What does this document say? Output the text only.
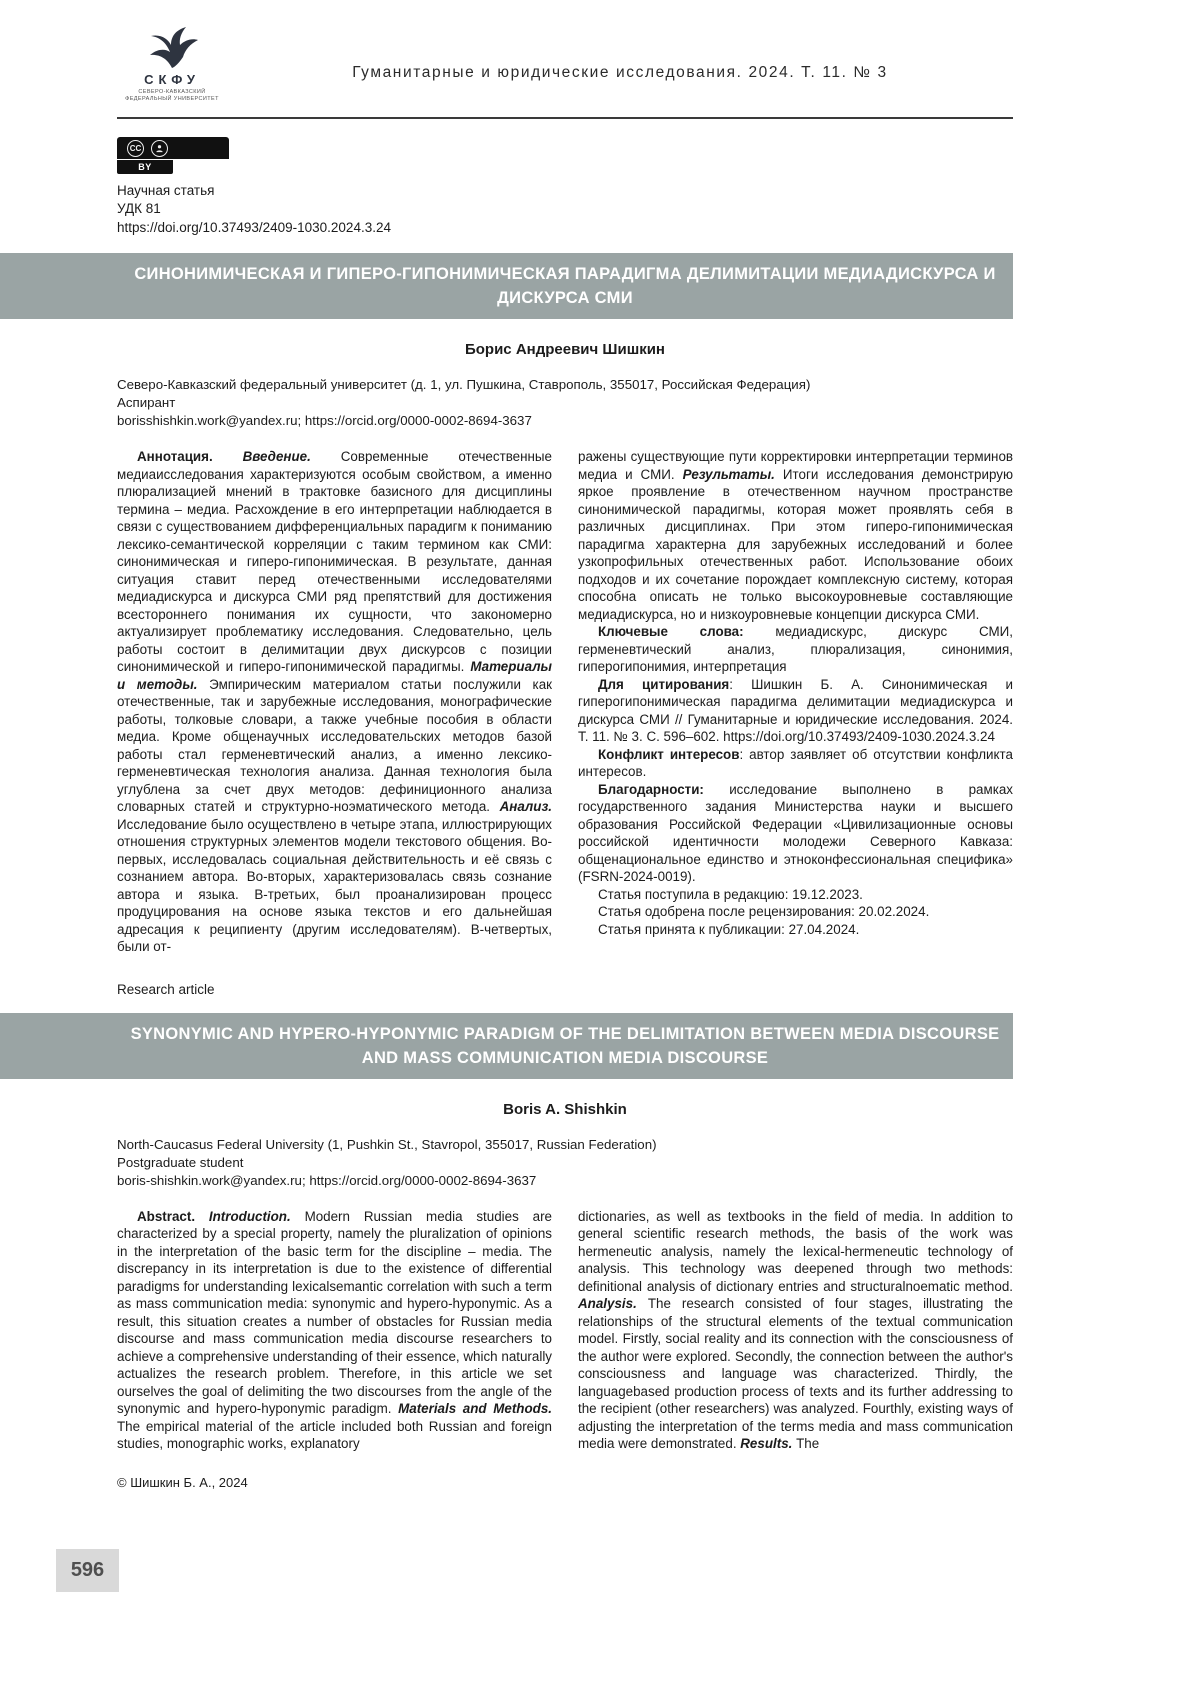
СКФУ
СЕВЕРО-КАВКАЗСКИЙ ФЕДЕРАЛЬНЫЙ УНИВЕРСИТЕТ
Гуманитарные и юридические исследования. 2024. Т. 11. № 3
CC
BY
Научная статья
УДК 81
https://doi.org/10.37493/2409-1030.2024.3.24
СИНОНИМИЧЕСКАЯ И ГИПЕРО-ГИПОНИМИЧЕСКАЯ ПАРАДИГМА ДЕЛИМИТАЦИИ МЕДИАДИСКУРСА И ДИСКУРСА СМИ
Борис Андреевич Шишкин
Северо-Кавказский федеральный университет (д. 1, ул. Пушкина, Ставрополь, 355017, Российская Федерация)
Аспирант
borisshishkin.work@yandex.ru; https://orcid.org/0000-0002-8694-3637

Аннотация. Введение. Современные отечественные медиаисследования характеризуются особым свойством, а именно плюрализацией мнений в трактовке базисного для дисциплины термина – медиа. Расхождение в его интерпретации наблюдается в связи с существованием дифференциальных парадигм к пониманию лексико-семантической корреляции с таким термином как СМИ: синонимическая и гиперо-гипонимическая. В результате, данная ситуация ставит перед отечественными исследователями медиадискурса и дискурса СМИ ряд препятствий для достижения всестороннего понимания их сущности, что закономерно актуализирует проблематику исследования. Следовательно, цель работы состоит в делимитации двух дискурсов с позиции синонимической и гиперо-гипонимической парадигмы. Материалы и методы. Эмпирическим материалом статьи послужили как отечественные, так и зарубежные исследования, монографические работы, толковые словари, а также учебные пособия в области медиа. Кроме общенаучных исследовательских методов базой работы стал герменевтический анализ, а именно лексико-герменевтическая технология анализа. Данная технология была углублена за счет двух методов: дефиниционного анализа словарных статей и структурно-ноэматического метода. Анализ. Исследование было осуществлено в четыре этапа, иллюстрирующих отношения структурных элементов модели текстового общения. Во-первых, исследовалась социальная действительность и её связь с сознанием автора. Во-вторых, характеризовалась связь сознание автора и языка. В-третьих, был проанализирован процесс продуцирования на основе языка текстов и его дальнейшая адресация к реципиенту (другим исследователям). В-четвертых, были от-

ражены существующие пути корректировки интерпретации терминов медиа и СМИ. Результаты. Итоги исследования демонстрирую яркое проявление в отечественном научном пространстве синонимической парадигмы, которая может проявлять себя в различных дисциплинах. При этом гиперо-гипонимическая парадигма характерна для зарубежных исследований и более узкопрофильных отечественных работ. Использование обоих подходов и их сочетание порождает комплексную систему, которая способна описать не только высокоуровневые составляющие медиадискурса, но и низкоуровневые концепции дискурса СМИ.

Ключевые слова: медиадискурс, дискурс СМИ, герменевтический анализ, плюрализация, синонимия, гиперогипонимия, интерпретация

Для цитирования: Шишкин Б. А. Синонимическая и гиперогипонимическая парадигма делимитации медиадискурса и дискурса СМИ // Гуманитарные и юридические исследования. 2024. Т. 11. № 3. С. 596–602. https://doi.org/10.37493/2409-1030.2024.3.24

Конфликт интересов: автор заявляет об отсутствии конфликта интересов.

Благодарности: исследование выполнено в рамках государственного задания Министерства науки и высшего образования Российской Федерации «Цивилизационные основы российской идентичности молодежи Северного Кавказа: общенациональное единство и этноконфессиональная специфика» (FSRN-2024-0019).

Статья поступила в редакцию: 19.12.2023.

Статья одобрена после рецензирования: 20.02.2024.

Статья принята к публикации: 27.04.2024.

Research article
SYNONYMIC AND HYPERO-HYPONYMIC PARADIGM OF THE DELIMITATION BETWEEN MEDIA DISCOURSE AND MASS COMMUNICATION MEDIA DISCOURSE
Boris A. Shishkin
North-Caucasus Federal University (1, Pushkin St., Stavropol, 355017, Russian Federation)
Postgraduate student
boris-shishkin.work@yandex.ru; https://orcid.org/0000-0002-8694-3637

Abstract. Introduction. Modern Russian media studies are characterized by a special property, namely the pluralization of opinions in the interpretation of the basic term for the discipline – media. The discrepancy in its interpretation is due to the existence of differential paradigms for understanding lexicalsemantic correlation with such a term as mass communication media: synonymic and hypero-hyponymic. As a result, this situation creates a number of obstacles for Russian media discourse and mass communication media discourse researchers to achieve a comprehensive understanding of their essence, which naturally actualizes the research problem. Therefore, in this article we set ourselves the goal of delimiting the two discourses from the angle of the synonymic and hypero-hyponymic paradigm. Materials and Methods. The empirical material of the article included both Russian and foreign studies, monographic works, explanatory

dictionaries, as well as textbooks in the field of media. In addition to general scientific research methods, the basis of the work was hermeneutic analysis, namely the lexical-hermeneutic technology of analysis. This technology was deepened through two methods: definitional analysis of dictionary entries and structuralnoematic method. Analysis. The research consisted of four stages, illustrating the relationships of the structural elements of the textual communication model. Firstly, social reality and its connection with the consciousness of the author were explored. Secondly, the connection between the author's consciousness and language was characterized. Thirdly, the languagebased production process of texts and its further addressing to the recipient (other researchers) was analyzed. Fourthly, existing ways of adjusting the interpretation of the terms media and mass communication media were demonstrated. Results. The

© Шишкин Б. А., 2024
596
